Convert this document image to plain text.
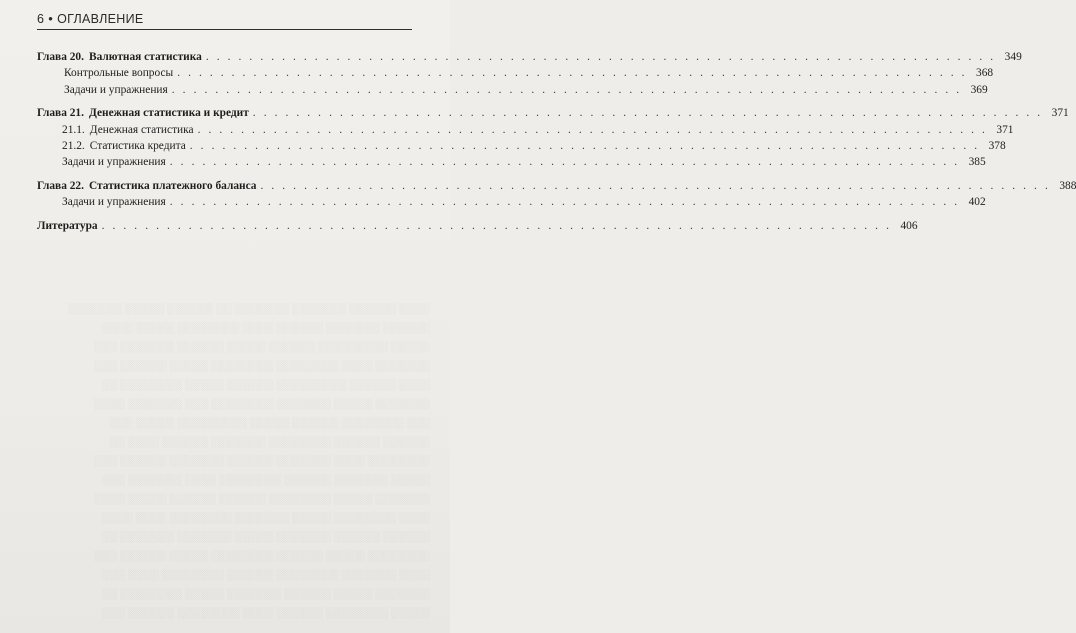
░░░░ ░░░░░░ ░░░░░░░ ░░░░░░░ ░░ ░░░░░░ ░░░░░ ░░░░░░░
░░░░░░ ░░░░░░░ ░░░░░░ ░░░░ ░░░░░░░░ ░░░░░ ░░░░
░░░░░ ░░░░░░░░░ ░░░░░░ ░░░░░ ░░░░░░ ░░░░░░░ ░░░
░░░░░░░ ░░░░ ░░░░░░░░ ░░░░░░░░ ░░░░░ ░░░░░░ ░░░
░░░░ ░░░░░░ ░░░░░░░░░ ░░░░░░ ░░░░░ ░░░░░░░░ ░░
░░░░░░░ ░░░░░ ░░░░░░░ ░░░░░░░░ ░░░ ░░░░░░░ ░░░░
░░░ ░░░░░░░░ ░░░░░░ ░░░░░ ░░░░░░░░░ ░░░░░ ░░░
░░░░░░ ░░░░░░ ░░░░░░░░ ░░░░░░░ ░░░░░░ ░░░░ ░░
░░░░░░░░ ░░░░ ░░░░░░░ ░░░░░░ ░░░░░░░ ░░░░░░ ░░░
░░░░░ ░░░░░░░ ░░░░░░ ░░░░░░░░ ░░░░ ░░░░░░░ ░░░
░░░░░░░ ░░░░░ ░░░░░░░░ ░░░░░░ ░░░░░░ ░░░░░ ░░░░
░░░░ ░░░░░░░░ ░░░░░ ░░░░░░░ ░░░░░░░░ ░░░░ ░░░░
░░░░░░ ░░░░░░ ░░░░░░░ ░░░░░ ░░░░░░░ ░░░░░░░ ░░
░░░░░░░░ ░░░░░ ░░░░░░ ░░░░░░░░ ░░░░░ ░░░░░░ ░░░
░░░░ ░░░░░░░ ░░░░░░░░ ░░░░░░ ░░░░░░░░ ░░░░ ░░░
░░░░░░░ ░░░░░ ░░░░░░ ░░░░░░░ ░░░░░ ░░░░░░░░ ░░
░░░░░ ░░░░░░░░ ░░░░░░ ░░░░ ░░░░░░░░ ░░░░░░ ░░░
6 • ОГЛАВЛЕНИЕ
Глава 20. Валютная статистика . . . . . . . . . . . . . . . . . . . . . . . . . . . . . . . . . . . . . . . . . . . . . . . . . . . . . . . . . . . . . . . . . . . . . . . . . 349
Контрольные вопросы . . . . . . . . . . . . . . . . . . . . . . . . . . . . . . . . . . . . . . . . . . . . . . . . . . . . . . . . . . . . . . . . . . . . . . . . . 368
Задачи и упражнения . . . . . . . . . . . . . . . . . . . . . . . . . . . . . . . . . . . . . . . . . . . . . . . . . . . . . . . . . . . . . . . . . . . . . . . . . 369
Глава 21. Денежная статистика и кредит . . . . . . . . . . . . . . . . . . . . . . . . . . . . . . . . . . . . . . . . . . . . . . . . . . . . . . . . . . . . . . . . . . . . . . . . . 371
21.1. Денежная статистика . . . . . . . . . . . . . . . . . . . . . . . . . . . . . . . . . . . . . . . . . . . . . . . . . . . . . . . . . . . . . . . . . . . . . . . . . 371
21.2. Статистика кредита . . . . . . . . . . . . . . . . . . . . . . . . . . . . . . . . . . . . . . . . . . . . . . . . . . . . . . . . . . . . . . . . . . . . . . . . . 378
Задачи и упражнения . . . . . . . . . . . . . . . . . . . . . . . . . . . . . . . . . . . . . . . . . . . . . . . . . . . . . . . . . . . . . . . . . . . . . . . . . 385
Глава 22. Статистика платежного баланса . . . . . . . . . . . . . . . . . . . . . . . . . . . . . . . . . . . . . . . . . . . . . . . . . . . . . . . . . . . . . . . . . . . . . . . . . 388
Задачи и упражнения . . . . . . . . . . . . . . . . . . . . . . . . . . . . . . . . . . . . . . . . . . . . . . . . . . . . . . . . . . . . . . . . . . . . . . . . . 402
Литература . . . . . . . . . . . . . . . . . . . . . . . . . . . . . . . . . . . . . . . . . . . . . . . . . . . . . . . . . . . . . . . . . . . . . . . . . 406
